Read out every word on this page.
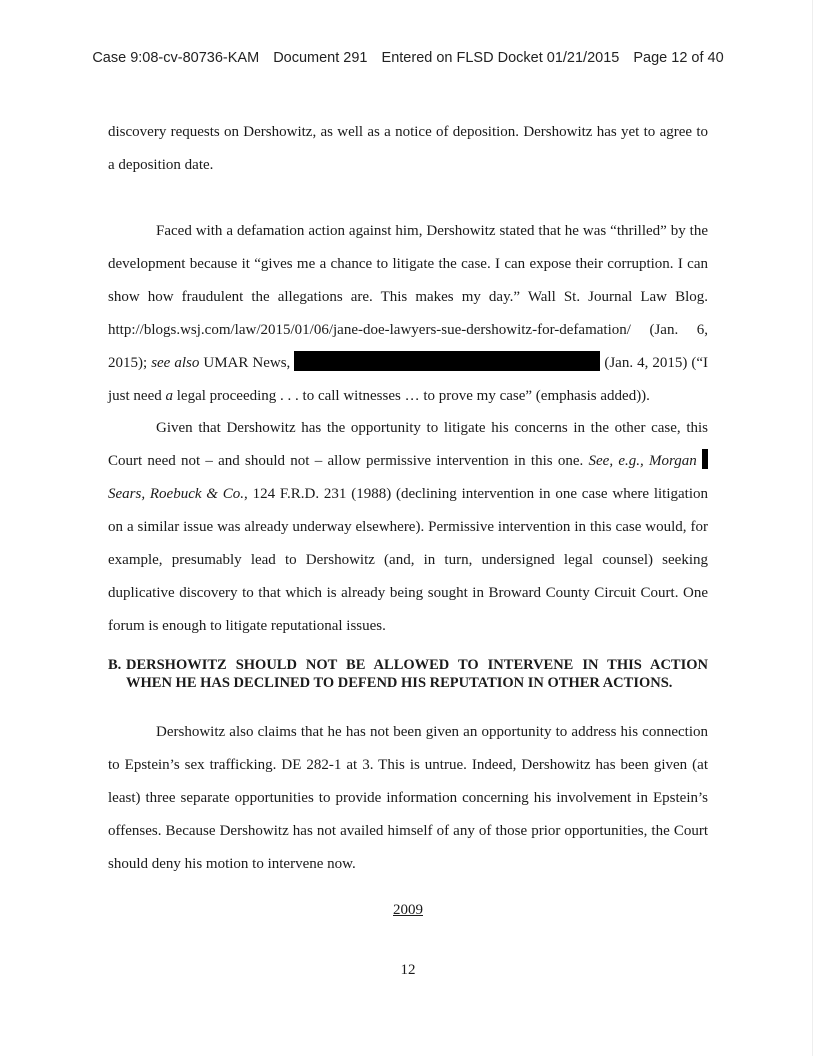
Case 9:08-cv-80736-KAM Document 291 Entered on FLSD Docket 01/21/2015 Page 12 of 40
discovery requests on Dershowitz, as well as a notice of deposition. Dershowitz has yet to agree to a deposition date.
Faced with a defamation action against him, Dershowitz stated that he was “thrilled” by the development because it “gives me a chance to litigate the case. I can expose their corruption. I can show how fraudulent the allegations are. This makes my day.” Wall St. Journal Law Blog. http://blogs.wsj.com/law/2015/01/06/jane-doe-lawyers-sue-dershowitz-for-defamation/ (Jan. 6, 2015); see also UMAR News,	(Jan. 4, 2015) (“I just need a legal proceeding . . . to call witnesses … to prove my case” (emphasis added)).
Given that Dershowitz has the opportunity to litigate his concerns in the other case, this Court need not – and should not – allow permissive intervention in this one. See, e.g., Morgan  Sears, Roebuck & Co., 124 F.R.D. 231 (1988) (declining intervention in one case where litigation on a similar issue was already underway elsewhere). Permissive intervention in this case would, for example, presumably lead to Dershowitz (and, in turn, undersigned legal counsel) seeking duplicative discovery to that which is already being sought in Broward County Circuit Court. One forum is enough to litigate reputational issues.
B. DERSHOWITZ SHOULD NOT BE ALLOWED TO INTERVENE IN THIS ACTION WHEN HE HAS DECLINED TO DEFEND HIS REPUTATION IN OTHER ACTIONS.
Dershowitz also claims that he has not been given an opportunity to address his connection to Epstein’s sex trafficking. DE 282-1 at 3. This is untrue. Indeed, Dershowitz has been given (at least) three separate opportunities to provide information concerning his involvement in Epstein’s offenses. Because Dershowitz has not availed himself of any of those prior opportunities, the Court should deny his motion to intervene now.
2009
12
